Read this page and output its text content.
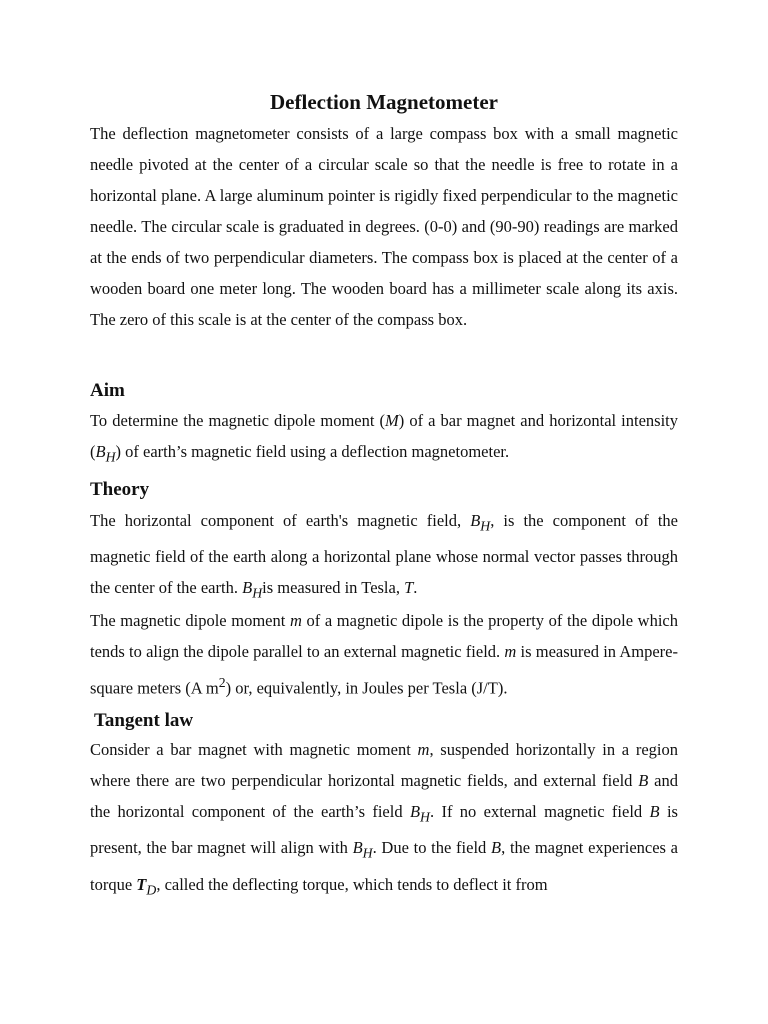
Deflection Magnetometer
The deflection magnetometer consists of a large compass box with a small magnetic needle pivoted at the center of a circular scale so that the needle is free to rotate in a horizontal plane. A large aluminum pointer is rigidly fixed perpendicular to the magnetic needle. The circular scale is graduated in degrees. (0-0) and (90-90) readings are marked at the ends of two perpendicular diameters. The compass box is placed at the center of a wooden board one meter long. The wooden board has a millimeter scale along its axis. The zero of this scale is at the center of the compass box.
Aim
To determine the magnetic dipole moment (M) of a bar magnet and horizontal intensity $(B_H)$ of earth’s magnetic field using a deflection magnetometer.
Theory
The horizontal component of earth's magnetic field, $B_H$, is the component of the magnetic field of the earth along a horizontal plane whose normal vector passes through the center of the earth. $B_His$ measured in Tesla, T.
The magnetic dipole moment m of a magnetic dipole is the property of the dipole which tends to align the dipole parallel to an external magnetic field. m is measured in Ampere-square meters (A $m^2$) or, equivalently, in Joules per Tesla (J/T).
Tangent law
Consider a bar magnet with magnetic moment m, suspended horizontally in a region where there are two perpendicular horizontal magnetic fields, and external field B and the horizontal component of the earth’s field $B_H$. If no external magnetic field B is present, the bar magnet will align with $B_H$. Due to the field B, the magnet experiences a torque $T_D$, called the deflecting torque, which tends to deflect it from
